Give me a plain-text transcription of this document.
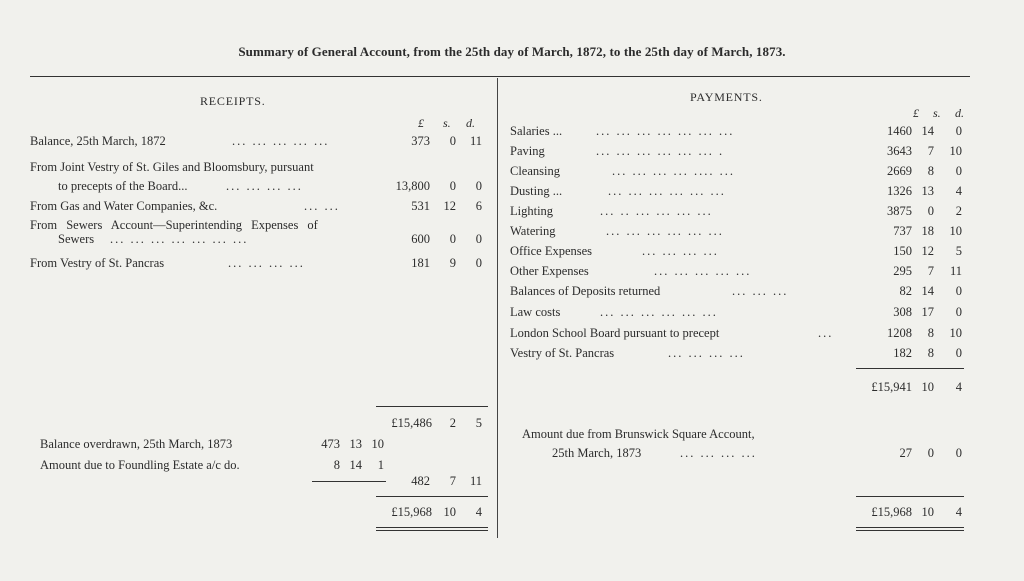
Summary of General Account, from the 25th day of March, 1872, to the 25th day of March, 1873.
RECEIPTS.
£ s. d.
Balance, 25th March, 1872	... ... ... ... ...	373	0	11
From Joint Vestry of St. Giles and Bloomsbury, pursuant
to precepts of the Board...	... ... ... ...	13,800	0	0
From Gas and Water Companies, &c.	... ...	531	12	6
From Sewers Account—Superintending Expenses of
Sewers ... ... ... ... ... ... ...	600	0	0
From Vestry of St. Pancras	... ... ... ...	181	9	0
£15,486	2	5
Balance overdrawn, 25th March, 1873	473 13 10
Amount due to Foundling Estate a/c do.	8 14	1
482	7	11
£15,968 10	4
PAYMENTS.
£ s. d.
Salaries ...	... ... ... ... ... ... ...	1460 14	0
Paving	... ... ... ... ... ... .	3643	7	10
Cleansing	... ... ... ... .... ...	2669	8	0
Dusting ...	... ... ... ... ... ...	1326 13	4
Lighting	... .. ... ... ... ...	3875	0	2
Watering	... ... ... ... ... ...	737 18	10
Office Expenses	... ... ... ...	150 12	5
Other Expenses	... ... ... ... ...	295	7	11
Balances of Deposits returned	... ... ...	82 14	0
Law costs	... ... ... ... ... ...	308 17	0
London School Board pursuant to precept	...	1208	8	10
Vestry of St. Pancras	... ... ... ...	182	8	0
£15,941 10	4
Amount due from Brunswick Square Account,
25th March, 1873	... ... ... ...	27	0	0
£15,968 10	4
